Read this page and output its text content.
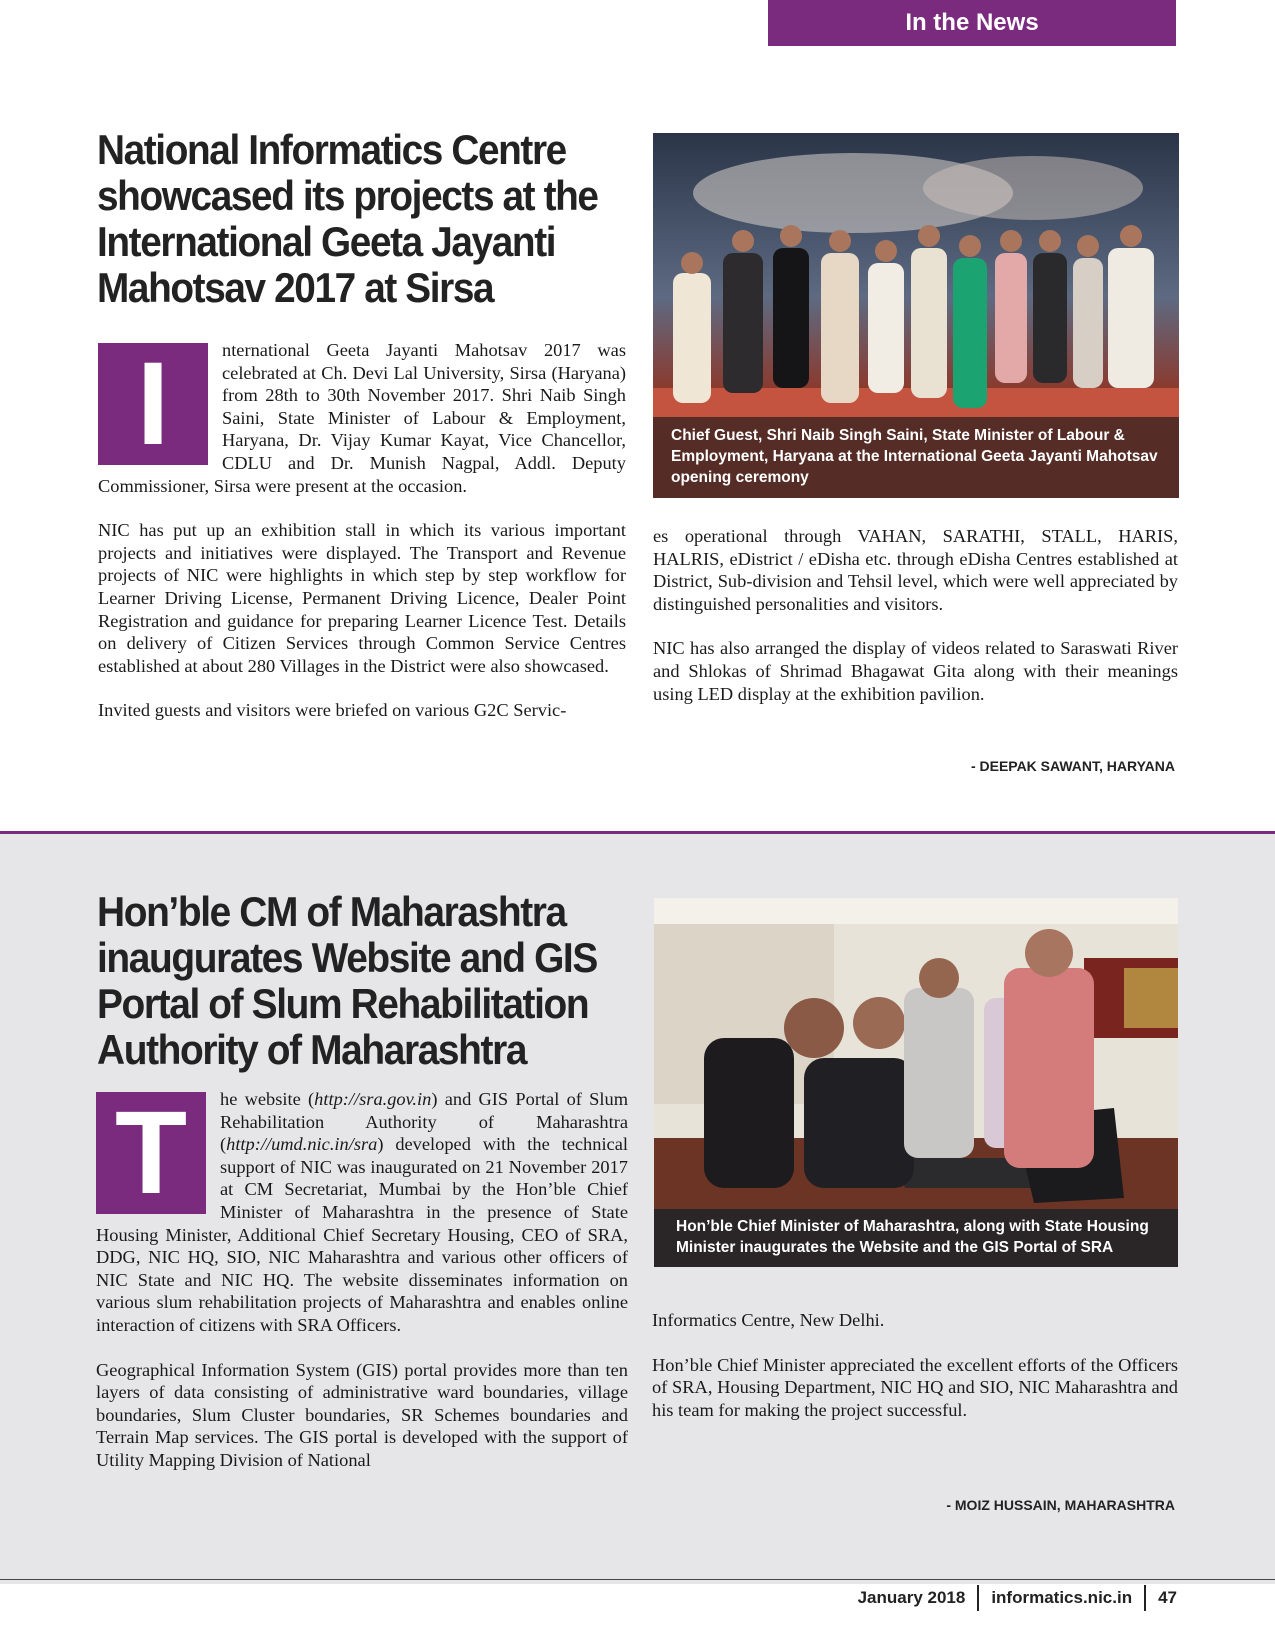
In the News
National Informatics Centre
showcased its projects at the
International Geeta Jayanti
Mahotsav 2017 at Sirsa
I	nternational Geeta Jayanti Mahotsav 2017 was celebrated at Ch. Devi Lal University, Sirsa (Haryana) from 28th to 30th November 2017. Shri Naib Singh Saini, State Minister of Labour & Employment, Haryana, Dr. Vijay Kumar Kayat, Vice Chancellor, CDLU and Dr. Munish Nagpal, Addl. Deputy Commissioner, Sirsa were present at the occasion.

NIC has put up an exhibition stall in which its various important projects and initiatives were displayed. The Transport and Revenue projects of NIC were highlights in which step by step workflow for Learner Driving License, Permanent Driving Licence, Dealer Point Registration and guidance for preparing Learner Licence Test. Details on delivery of Citizen Services through Common Service Centres established at about 280 Villages in the District were also showcased.

Invited guests and visitors were briefed on various G2C Servic-

Chief Guest, Shri Naib Singh Saini, State Minister of Labour & Employment, Haryana at the International Geeta Jayanti Mahotsav opening ceremony

es operational through VAHAN, SARATHI, STALL, HARIS, HALRIS, eDistrict / eDisha etc. through eDisha Centres established at District, Sub-division and Tehsil level, which were well appreciated by distinguished personalities and visitors.

NIC has also arranged the display of videos related to Saraswati River and Shlokas of Shrimad Bhagawat Gita along with their meanings using LED display at the exhibition pavilion.

- DEEPAK SAWANT, HARYANA
Hon’ble CM of Maharashtra
inaugurates Website and GIS
Portal of Slum Rehabilitation
Authority of Maharashtra
T	he website (http://sra.gov.in) and GIS Portal of Slum Rehabilitation Authority of Maharashtra (http://umd.nic.in/sra) developed with the technical support of NIC was inaugurated on 21 November 2017 at CM Secretariat, Mumbai by the Hon’ble Chief Minister of Maharashtra in the presence of State Housing Minister, Additional Chief Secretary Housing, CEO of SRA, DDG, NIC HQ, SIO, NIC Maharashtra and various other officers of NIC State and NIC HQ. The website disseminates information on various slum rehabilitation projects of Maharashtra and enables online interaction of citizens with SRA Officers.

Geographical Information System (GIS) portal provides more than ten layers of data consisting of administrative ward boundaries, village boundaries, Slum Cluster boundaries, SR Schemes boundaries and Terrain Map services. The GIS portal is developed with the support of Utility Mapping Division of National

Hon’ble Chief Minister of Maharashtra, along with State Housing Minister inaugurates the Website and the GIS Portal of SRA

Informatics Centre, New Delhi.

Hon’ble Chief Minister appreciated the excellent efforts of the Officers of SRA, Housing Department, NIC HQ and SIO, NIC Maharashtra and his team for making the project successful.

- MOIZ HUSSAIN, MAHARASHTRA
January 2018 informatics.nic.in 47
